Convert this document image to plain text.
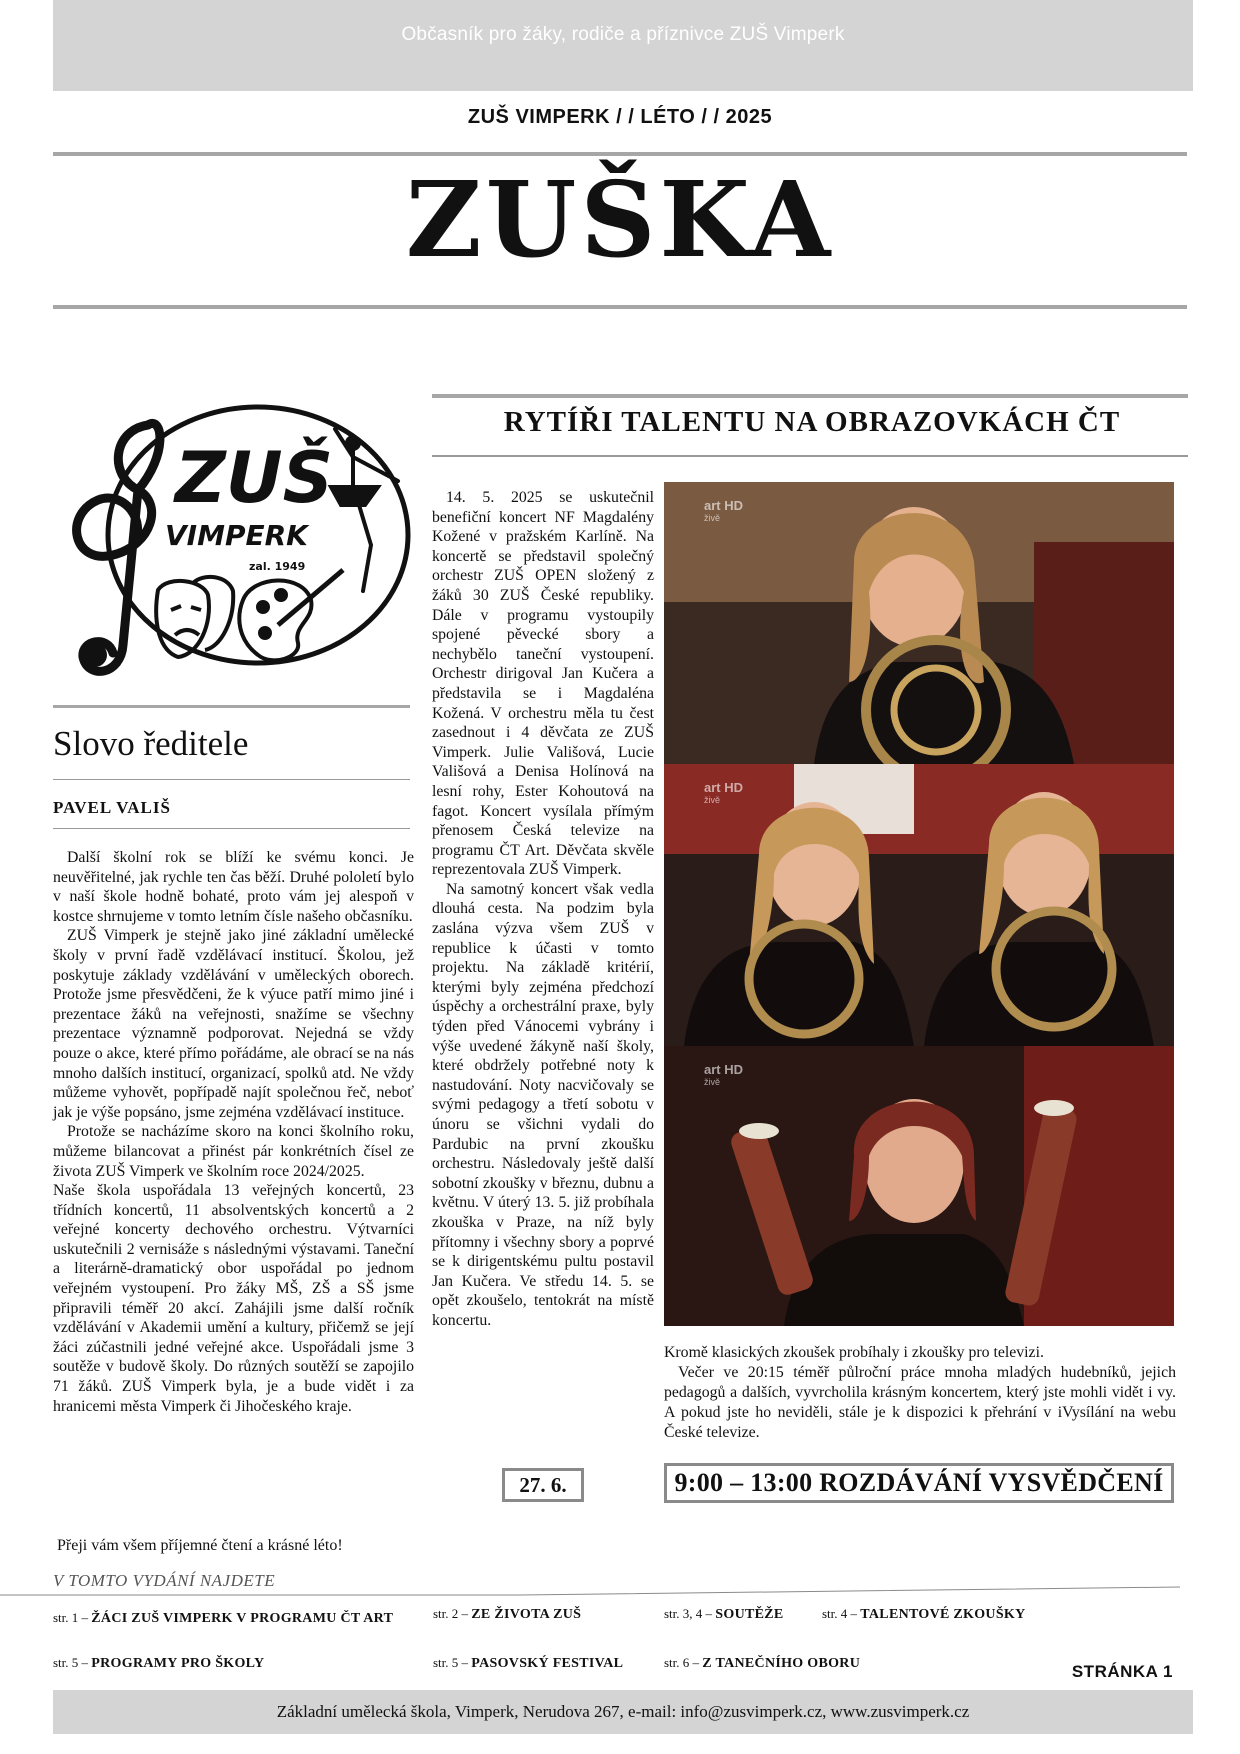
Občasník pro žáky, rodiče a příznivce ZUŠ Vimperk
ZUŠ VIMPERK / / LÉTO / / 2025
ZUŠKA
ZUŠ
VIMPERK
zal. 1949
Slovo ředitele
PAVEL VALIŠ

Další školní rok se blíží ke svému konci. Je neuvěřitelné, jak rychle ten čas běží. Druhé pololetí bylo v naší škole hodně bohaté, proto vám jej alespoň v kostce shrnujeme v tomto letním čísle našeho občasníku.

ZUŠ Vimperk je stejně jako jiné základní umělecké školy v první řadě vzdělávací institucí. Školou, jež poskytuje základy vzdělávání v uměleckých oborech. Protože jsme přesvědčeni, že k výuce patří mimo jiné i prezentace žáků na veřejnosti, snažíme se všechny prezentace významně podporovat. Nejedná se vždy pouze o akce, které přímo pořádáme, ale obrací se na nás mnoho dalších institucí, organizací, spolků atd. Ne vždy můžeme vyhovět, popřípadě najít společnou řeč, neboť jak je výše popsáno, jsme zejména vzdělávací instituce.

Protože se nacházíme skoro na konci školního roku, můžeme bilancovat a přinést pár konkrétních čísel ze života ZUŠ Vimperk ve školním roce 2024/2025.

Naše škola uspořádala 13 veřejných koncertů, 23 třídních koncertů, 11 absolventských koncertů a 2 veřejné koncerty dechového orchestru. Výtvarníci uskutečnili 2 vernisáže s následnými výstavami. Taneční a literárně-dramatický obor uspořádal po jednom veřejném vystoupení. Pro žáky MŠ, ZŠ a SŠ jsme připravili téměř 20 akcí. Zahájili jsme další ročník vzdělávání v Akademii umění a kultury, přičemž se její žáci zúčastnili jedné veřejné akce. Uspořádali jsme 3 soutěže v budově školy. Do různých soutěží se zapojilo 71 žáků. ZUŠ Vimperk byla, je a bude vidět i za hranicemi města Vimperk či Jihočeského kraje.

Přeji vám všem příjemné čtení a krásné léto!
RYTÍŘI TALENTU NA OBRAZOVKÁCH ČT

14. 5. 2025 se uskutečnil benefiční koncert NF Magdalény Kožené v pražském Karlíně. Na koncertě se představil společný orchestr ZUŠ OPEN složený z žáků 30 ZUŠ České republiky. Dále v programu vystoupily spojené pěvecké sbory a nechybělo taneční vystoupení. Orchestr dirigoval Jan Kučera a představila se i Magdaléna Kožená. V orchestru měla tu čest zasednout i 4 děvčata ze ZUŠ Vimperk. Julie Vališová, Lucie Vališová a Denisa Holínová na lesní rohy, Ester Kohoutová na fagot. Koncert vysílala přímým přenosem Česká televize na programu ČT Art. Děvčata skvěle reprezentovala ZUŠ Vimperk.

Na samotný koncert však vedla dlouhá cesta. Na podzim byla zaslána výzva všem ZUŠ v republice k účasti v tomto projektu. Na základě kritérií, kterými byly zejména předchozí úspěchy a orchestrální praxe, byly týden před Vánocemi vybrány i výše uvedené žákyně naší školy, které obdržely potřebné noty k nastudování. Noty nacvičovaly se svými pedagogy a třetí sobotu v únoru se všichni vydali do Pardubic na první zkoušku orchestru. Následovaly ještě další sobotní zkoušky v březnu, dubnu a květnu. V úterý 13. 5. již probíhala zkouška v Praze, na níž byly přítomny i všechny sbory a poprvé se k dirigentskému pultu postavil Jan Kučera. Ve středu 14. 5. se opět zkoušelo, tentokrát na místě koncertu.

art HD
živě
art HD
živě
art HD
živě

Kromě klasických zkoušek probíhaly i zkoušky pro televizi.

Večer ve 20:15 téměř půlroční práce mnoha mladých hudebníků, jejich pedagogů a dalších, vyvrcholila krásným koncertem, který jste mohli vidět i vy. A pokud jste ho neviděli, stále je k dispozici k přehrání v iVysílání na webu České televize.

27. 6.	9:00 – 13:00 ROZDÁVÁNÍ VYSVĚDČENÍ
V TOMTO VYDÁNÍ NAJDETE
str. 1 – ŽÁCI ZUŠ VIMPERK V PROGRAMU ČT ART	str. 2 – ZE ŽIVOTA ZUŠ	str. 3, 4 – SOUTĚŽE	str. 4 – TALENTOVÉ ZKOUŠKY
str. 5 – PROGRAMY PRO ŠKOLY	str. 5 – PASOVSKÝ FESTIVAL	str. 6 – Z TANEČNÍHO OBORU	STRÁNKA 1
Základní umělecká škola, Vimperk, Nerudova 267, e-mail: info@zusvimperk.cz, www.zusvimperk.cz
